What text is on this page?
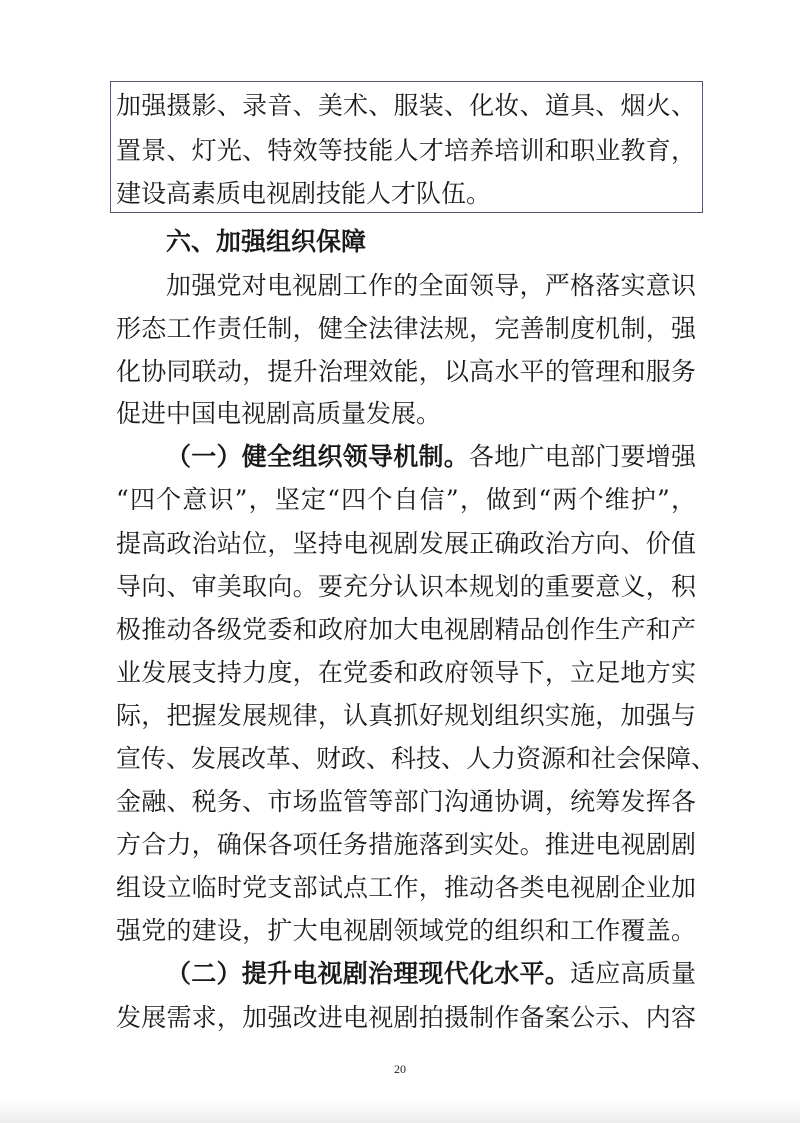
加强摄影、录音、美术、服装、化妆、道具、烟火、
置景、灯光、特效等技能人才培养培训和职业教育，
建设高素质电视剧技能人才队伍。
六、加强组织保障
加强党对电视剧工作的全面领导，严格落实意识
形态工作责任制，健全法律法规，完善制度机制，强
化协同联动，提升治理效能，以高水平的管理和服务
促进中国电视剧高质量发展。
（一）健全组织领导机制。各地广电部门要增强
“四个意识”，坚定“四个自信”，做到“两个维护”，
提高政治站位，坚持电视剧发展正确政治方向、价值
导向、审美取向。要充分认识本规划的重要意义，积
极推动各级党委和政府加大电视剧精品创作生产和产
业发展支持力度，在党委和政府领导下，立足地方实
际，把握发展规律，认真抓好规划组织实施，加强与
宣传、发展改革、财政、科技、人力资源和社会保障、
金融、税务、市场监管等部门沟通协调，统筹发挥各
方合力，确保各项任务措施落到实处。推进电视剧剧
组设立临时党支部试点工作，推动各类电视剧企业加
强党的建设，扩大电视剧领域党的组织和工作覆盖。
（二）提升电视剧治理现代化水平。适应高质量
发展需求，加强改进电视剧拍摄制作备案公示、内容
20
